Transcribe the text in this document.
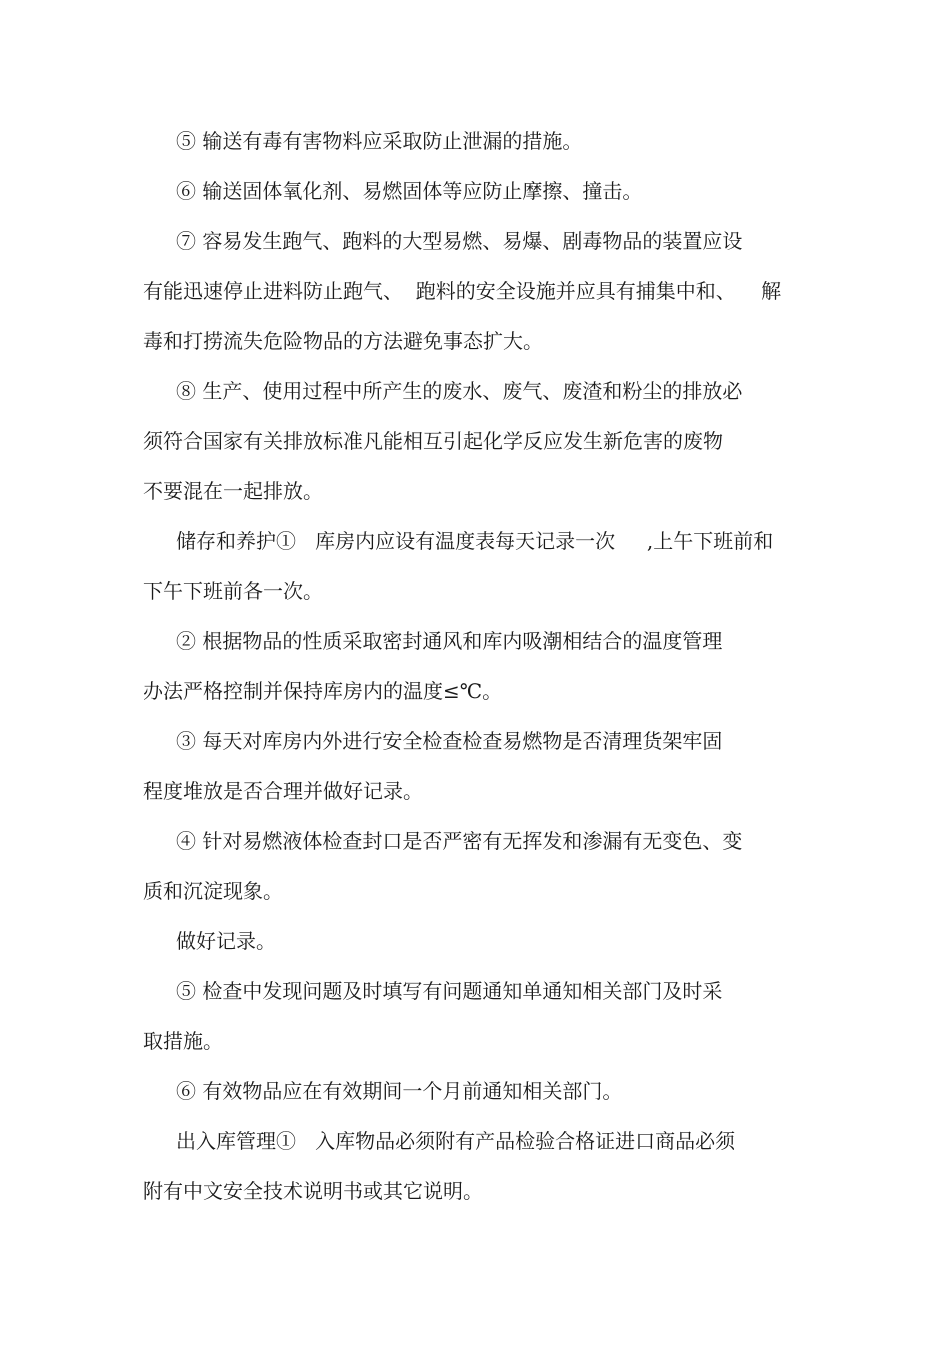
⑤ 输送有毒有害物料应采取防止泄漏的措施。
⑥ 输送固体氧化剂、易燃固体等应防止摩擦、撞击。
⑦ 容易发生跑气、跑料的大型易燃、易爆、剧毒物品的装置应设
有能迅速停止进料防止跑气、  跑料的安全设施并应具有捕集中和、    解
毒和打捞流失危险物品的方法避免事态扩大。
⑧ 生产、使用过程中所产生的废水、废气、废渣和粉尘的排放必
须符合国家有关排放标准凡能相互引起化学反应发生新危害的废物
不要混在一起排放。
储存和养护①   库房内应设有温度表每天记录一次     ,上午下班前和
下午下班前各一次。
② 根据物品的性质采取密封通风和库内吸潮相结合的温度管理
办法严格控制并保持库房内的温度≤℃。
③ 每天对库房内外进行安全检查检查易燃物是否清理货架牢固
程度堆放是否合理并做好记录。
④ 针对易燃液体检查封口是否严密有无挥发和渗漏有无变色、变
质和沉淀现象。
做好记录。
⑤ 检查中发现问题及时填写有问题通知单通知相关部门及时采
取措施。
⑥ 有效物品应在有效期间一个月前通知相关部门。
出入库管理①   入库物品必须附有产品检验合格证进口商品必须
附有中文安全技术说明书或其它说明。
